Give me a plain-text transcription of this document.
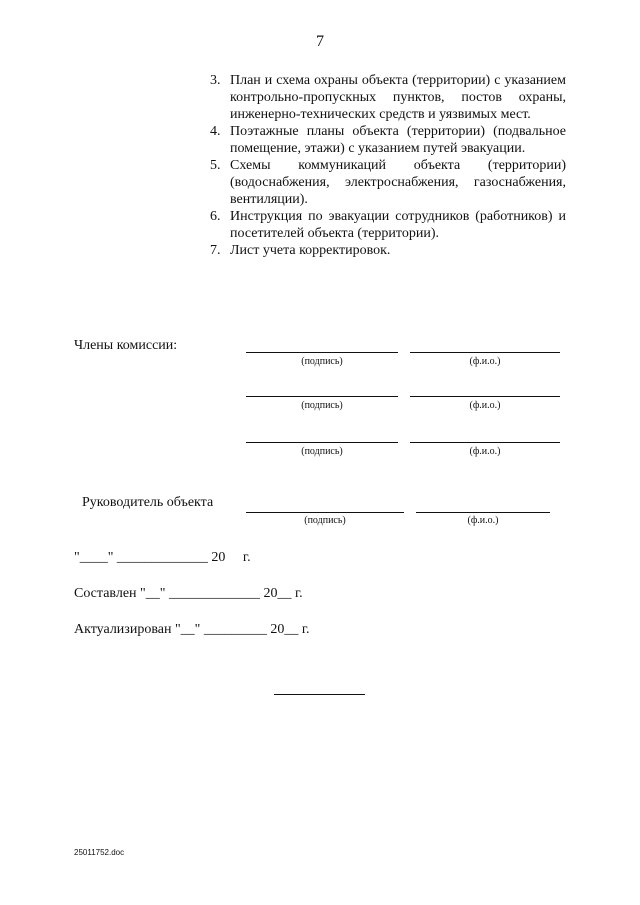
7
3. План и схема охраны объекта (территории) с указанием контрольно-пропускных пунктов, постов охраны, инженерно-технических средств и уязвимых мест.
4. Поэтажные планы объекта (территории) (подвальное помещение, этажи) с указанием путей эвакуации.
5. Схемы коммуникаций объекта (территории) (водоснабжения, электроснабжения, газоснабжения, вентиляции).
6. Инструкция по эвакуации сотрудников (работников) и посетителей объекта (территории).
7. Лист учета корректировок.
Члены комиссии:
(подпись)	(ф.и.о.)
(подпись)	(ф.и.о.)
(подпись)	(ф.и.о.)
Руководитель объекта
(подпись)	(ф.и.о.)
"____" _____________ 20     г.
Составлен "__" _____________ 20__ г.
Актуализирован "__" _________ 20__ г.
25011752.doc
